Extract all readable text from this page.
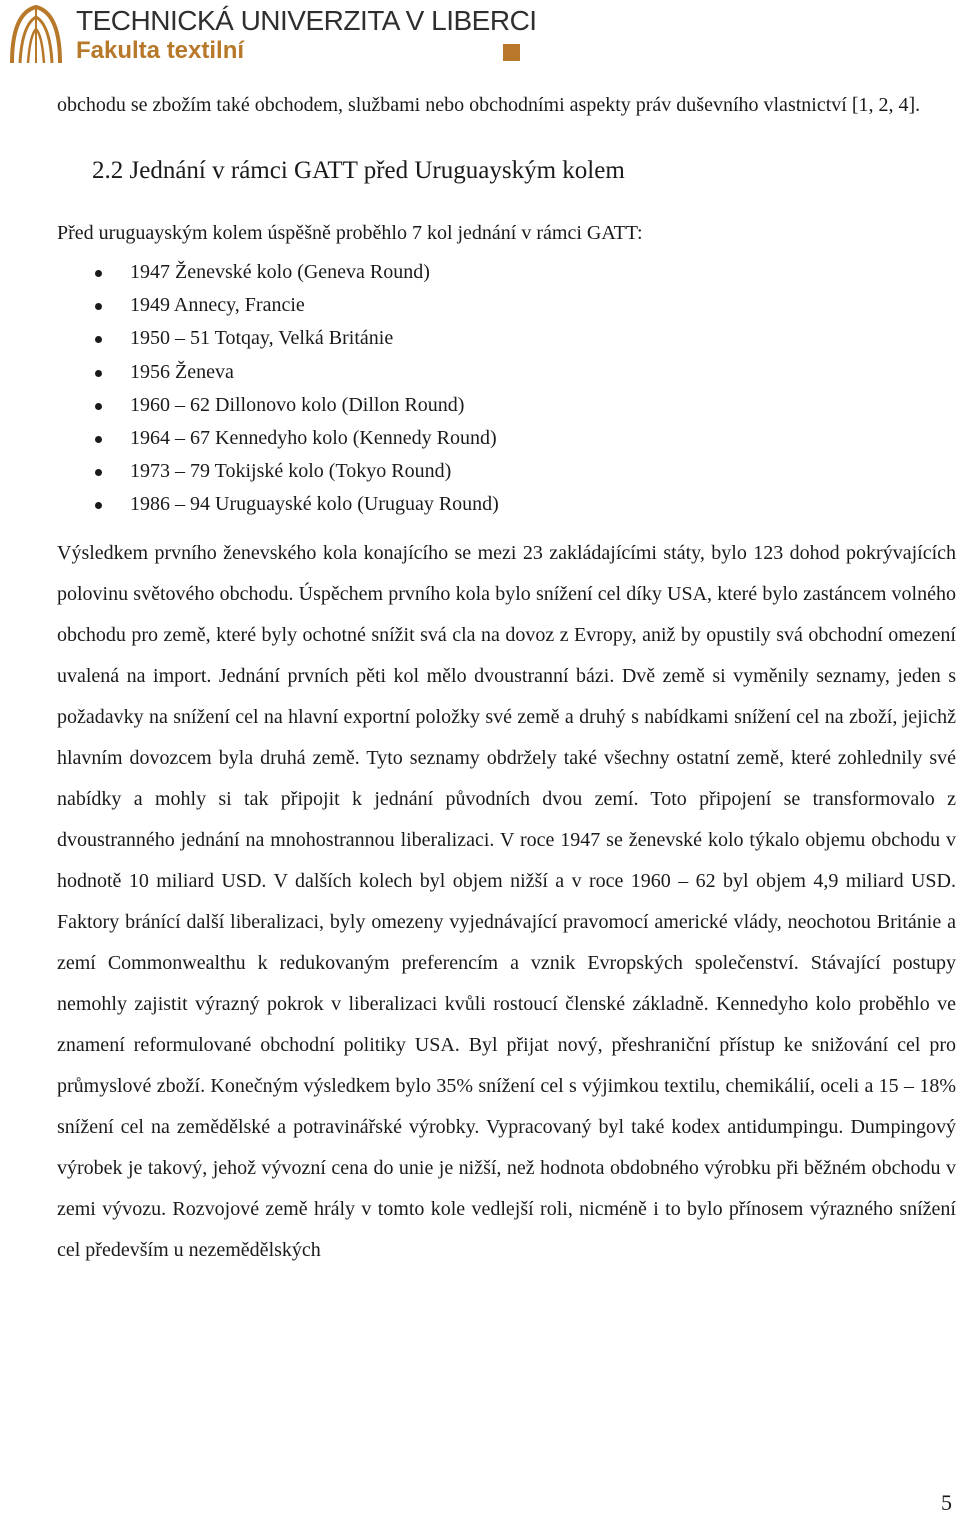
TECHNICKÁ UNIVERZITA V LIBERCI
Fakulta textilní

obchodu se zbožím také obchodem, službami nebo obchodními aspekty práv duševního vlastnictví [1, 2, 4].

2.2 Jednání v rámci GATT před Uruguayským kolem

Před uruguayským kolem úspěšně proběhlo 7 kol jednání v rámci GATT:

1947 Ženevské kolo (Geneva Round)
1949 Annecy, Francie
1950 – 51 Totqay, Velká Británie
1956 Ženeva
1960 – 62 Dillonovo kolo (Dillon Round)
1964 – 67 Kennedyho kolo (Kennedy Round)
1973 – 79 Tokijské kolo (Tokyo Round)
1986 – 94 Uruguayské kolo (Uruguay Round)

Výsledkem prvního ženevského kola konajícího se mezi 23 zakládajícími státy, bylo 123 dohod pokrývajících polovinu světového obchodu. Úspěchem prvního kola bylo snížení cel díky USA, které bylo zastáncem volného obchodu pro země, které byly ochotné snížit svá cla na dovoz z Evropy, aniž by opustily svá obchodní omezení uvalená na import. Jednání prvních pěti kol mělo dvoustranní bázi. Dvě země si vyměnily seznamy, jeden s požadavky na snížení cel na hlavní exportní položky své země a druhý s nabídkami snížení cel na zboží, jejichž hlavním dovozcem byla druhá země. Tyto seznamy obdržely také všechny ostatní země, které zohlednily své nabídky a mohly si tak připojit k jednání původních dvou zemí. Toto připojení se transformovalo z dvoustranného jednání na mnohostrannou liberalizaci. V roce 1947 se ženevské kolo týkalo objemu obchodu v hodnotě 10 miliard USD. V dalších kolech byl objem nižší a v roce 1960 – 62 byl objem 4,9 miliard USD. Faktory bránící další liberalizaci, byly omezeny vyjednávající pravomocí americké vlády, neochotou Británie a zemí Commonwealthu k redukovaným preferencím a vznik Evropských společenství. Stávající postupy nemohly zajistit výrazný pokrok v liberalizaci kvůli rostoucí členské základně. Kennedyho kolo proběhlo ve znamení reformulované obchodní politiky USA. Byl přijat nový, přeshraniční přístup ke snižování cel pro průmyslové zboží. Konečným výsledkem bylo 35% snížení cel s výjimkou textilu, chemikálií, oceli a 15 – 18% snížení cel na zemědělské a potravinářské výrobky. Vypracovaný byl také kodex antidumpingu. Dumpingový výrobek je takový, jehož vývozní cena do unie je nižší, než hodnota obdobného výrobku při běžném obchodu v zemi vývozu. Rozvojové země hrály v tomto kole vedlejší roli, nicméně i to bylo přínosem výrazného snížení cel především u nezemědělských

5
